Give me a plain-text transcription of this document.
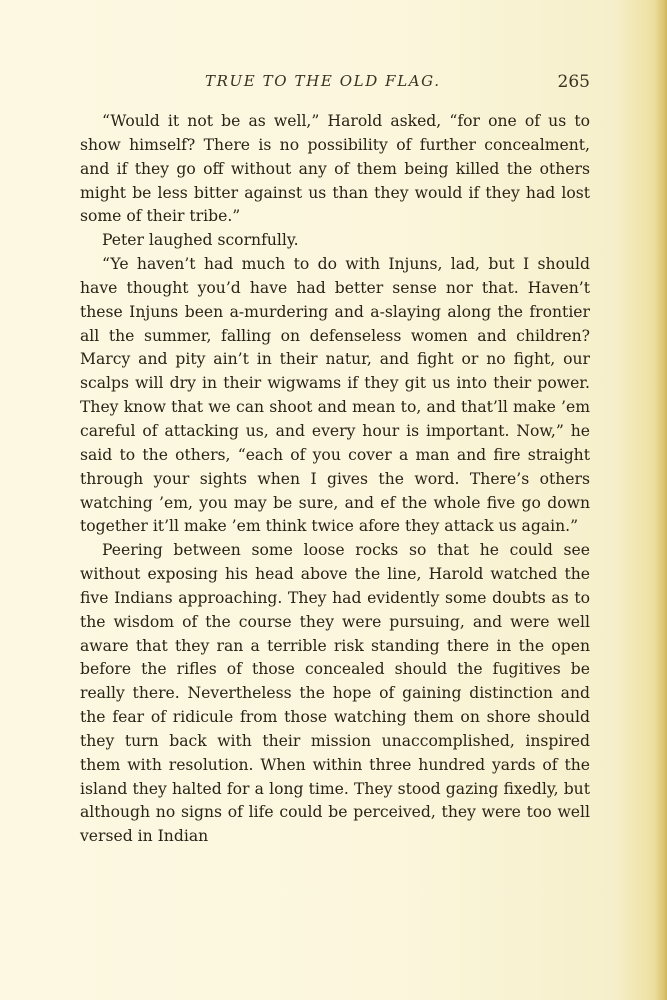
TRUE TO THE OLD FLAG.	265

“Would it not be as well,” Harold asked, “for one of us to show himself? There is no possibility of further concealment, and if they go off without any of them being killed the others might be less bitter against us than they would if they had lost some of their tribe.”

Peter laughed scornfully.

“Ye haven’t had much to do with Injuns, lad, but I should have thought you’d have had better sense nor that. Haven’t these Injuns been a-murdering and a-slaying along the frontier all the summer, falling on defenseless women and children? Marcy and pity ain’t in their natur, and fight or no fight, our scalps will dry in their wigwams if they git us into their power. They know that we can shoot and mean to, and that’ll make ’em careful of attacking us, and every hour is important. Now,” he said to the others, “each of you cover a man and fire straight through your sights when I gives the word. There’s others watching ’em, you may be sure, and ef the whole five go down together it’ll make ’em think twice afore they attack us again.”

Peering between some loose rocks so that he could see without exposing his head above the line, Harold watched the five Indians approaching. They had evidently some doubts as to the wisdom of the course they were pursuing, and were well aware that they ran a terrible risk standing there in the open before the rifles of those concealed should the fugitives be really there. Nevertheless the hope of gaining distinction and the fear of ridicule from those watching them on shore should they turn back with their mission unaccomplished, inspired them with resolution. When within three hundred yards of the island they halted for a long time. They stood gazing fixedly, but although no signs of life could be perceived, they were too well versed in Indian
